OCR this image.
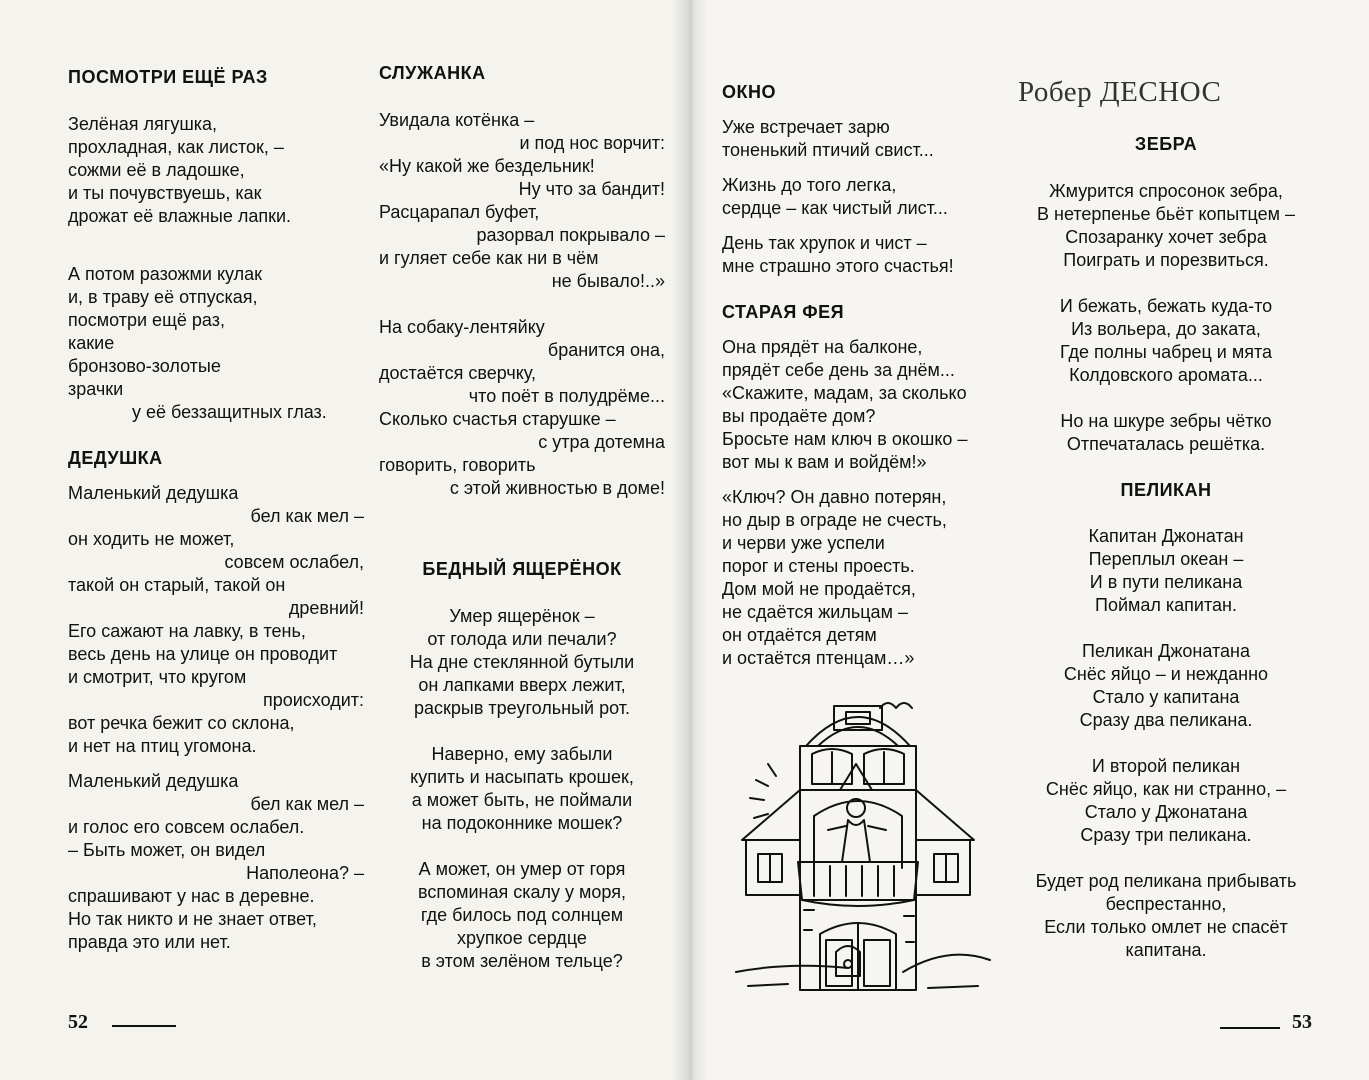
ПОСМОТРИ ЕЩЁ РАЗ
Зелёная лягушка,
прохладная, как листок, –
сожми её в ладошке,
и ты почувствуешь, как
дрожат её влажные лапки.
А потом разожми кулак
и, в траву её отпуская,
посмотри ещё раз,
какие
бронзово-золотые
зрачки
у её беззащитных глаз.
ДЕДУШКА
Маленький дедушка
бел как мел –
он ходить не может,
совсем ослабел,
такой он старый, такой он
древний!
Его сажают на лавку, в тень,
весь день на улице он проводит
и смотрит, что кругом
происходит:
вот речка бежит со склона,
и нет на птиц угомона.
Маленький дедушка
бел как мел –
и голос его совсем ослабел.
– Быть может, он видел
Наполеона? –
спрашивают у нас в деревне.
Но так никто и не знает ответ,
правда это или нет.
СЛУЖАНКА
Увидала котёнка –
и под нос ворчит:
«Ну какой же бездельник!
Ну что за бандит!
Расцарапал буфет,
разорвал покрывало –
и гуляет себе как ни в чём
не бывало!..»
На собаку-лентяйку
бранится она,
достаётся сверчку,
что поёт в полудрёме...
Сколько счастья старушке –
с утра дотемна
говорить, говорить
с этой живностью в доме!
БЕДНЫЙ ЯЩЕРЁНОК
Умер ящерёнок –
от голода или печали?
На дне стеклянной бутыли
он лапками вверх лежит,
раскрыв треугольный рот.
Наверно, ему забыли
купить и насыпать крошек,
а может быть, не поймали
на подоконнике мошек?
А может, он умер от горя
вспоминая скалу у моря,
где билось под солнцем
хрупкое сердце
в этом зелёном тельце?
ОКНО
Уже встречает зарю
тоненький птичий свист...
Жизнь до того легка,
сердце – как чистый лист...
День так хрупок и чист –
мне страшно этого счастья!
СТАРАЯ ФЕЯ
Она прядёт на балконе,
прядёт себе день за днём...
«Скажите, мадам, за сколько
вы продаёте дом?
Бросьте нам ключ в окошко –
вот мы к вам и войдём!»
«Ключ? Он давно потерян,
но дыр в ограде не счесть,
и черви уже успели
порог и стены проесть.
Дом мой не продаётся,
не сдаётся жильцам –
он отдаётся детям
и остаётся птенцам…»
Робер ДЕСНОС
ЗЕБРА
Жмурится спросонок зебра,
В нетерпенье бьёт копытцем –
Спозаранку хочет зебра
Поиграть и порезвиться.
И бежать, бежать куда-то
Из вольера, до заката,
Где полны чабрец и мята
Колдовского аромата...
Но на шкуре зебры чётко
Отпечаталась решётка.
ПЕЛИКАН
Капитан Джонатан
Переплыл океан –
И в пути пеликана
Поймал капитан.
Пеликан Джонатана
Снёс яйцо – и нежданно
Стало у капитана
Сразу два пеликана.
И второй пеликан
Снёс яйцо, как ни странно, –
Стало у Джонатана
Сразу три пеликана.
Будет род пеликана прибывать
беспрестанно,
Если только омлет не спасёт
капитана.
52	53
